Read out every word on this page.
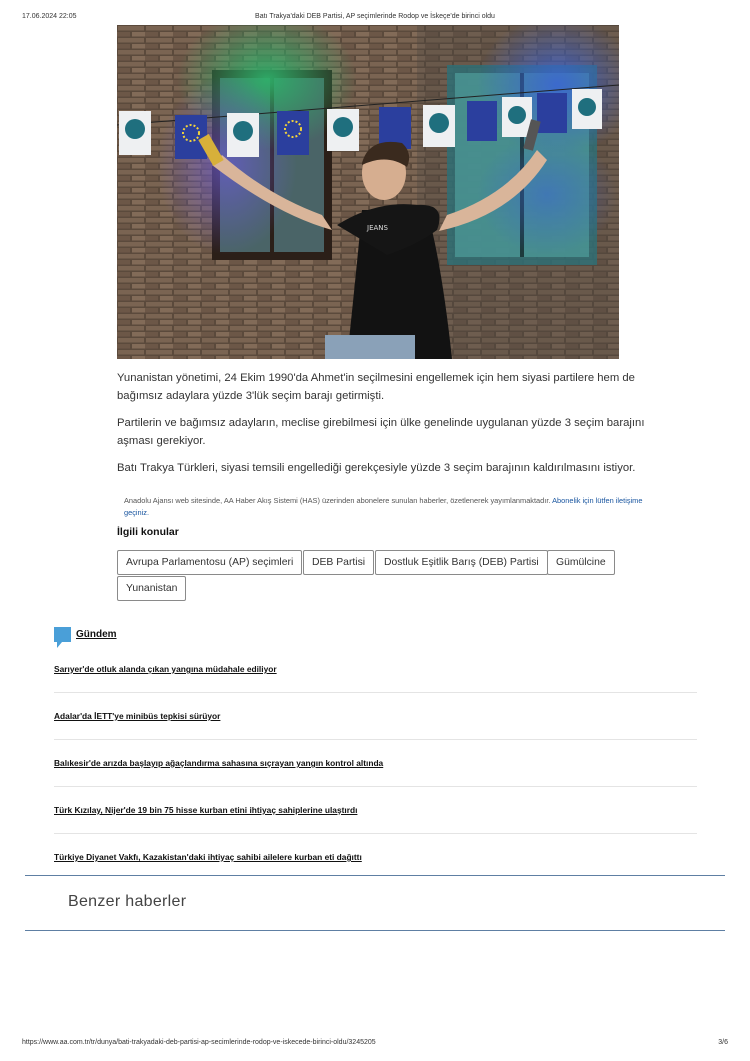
17.06.2024 22:05	Batı Trakya'daki DEB Partisi, AP seçimlerinde Rodop ve İskeçe'de birinci oldu
JEANS

Yunanistan yönetimi, 24 Ekim 1990'da Ahmet'in seçilmesini engellemek için hem siyasi partilere hem de bağımsız adaylara yüzde 3'lük seçim barajı getirmişti.

Partilerin ve bağımsız adayların, meclise girebilmesi için ülke genelinde uygulanan yüzde 3 seçim barajını aşması gerekiyor.

Batı Trakya Türkleri, siyasi temsili engellediği gerekçesiyle yüzde 3 seçim barajının kaldırılmasını istiyor.

Anadolu Ajansı web sitesinde, AA Haber Akış Sistemi (HAS) üzerinden abonelere sunulan haberler, özetlenerek yayımlanmaktadır. Abonelik için lütfen iletişime geçiniz.
İlgili konular
Avrupa Parlamentosu (AP) seçimleri	DEB Partisi	Dostluk Eşitlik Barış (DEB) Partisi	Gümülcine
Yunanistan
Gündem
Sarıyer'de otluk alanda çıkan yangına müdahale ediliyor
Adalar'da İETT'ye minibüs tepkisi sürüyor
Balıkesir'de arızda başlayıp ağaçlandırma sahasına sıçrayan yangın kontrol altında
Türk Kızılay, Nijer'de 19 bin 75 hisse kurban etini ihtiyaç sahiplerine ulaştırdı
Türkiye Diyanet Vakfı, Kazakistan'daki ihtiyaç sahibi ailelere kurban eti dağıttı
Benzer haberler
https://www.aa.com.tr/tr/dunya/bati-trakyadaki-deb-partisi-ap-secimlerinde-rodop-ve-iskecede-birinci-oldu/3245205	3/6
